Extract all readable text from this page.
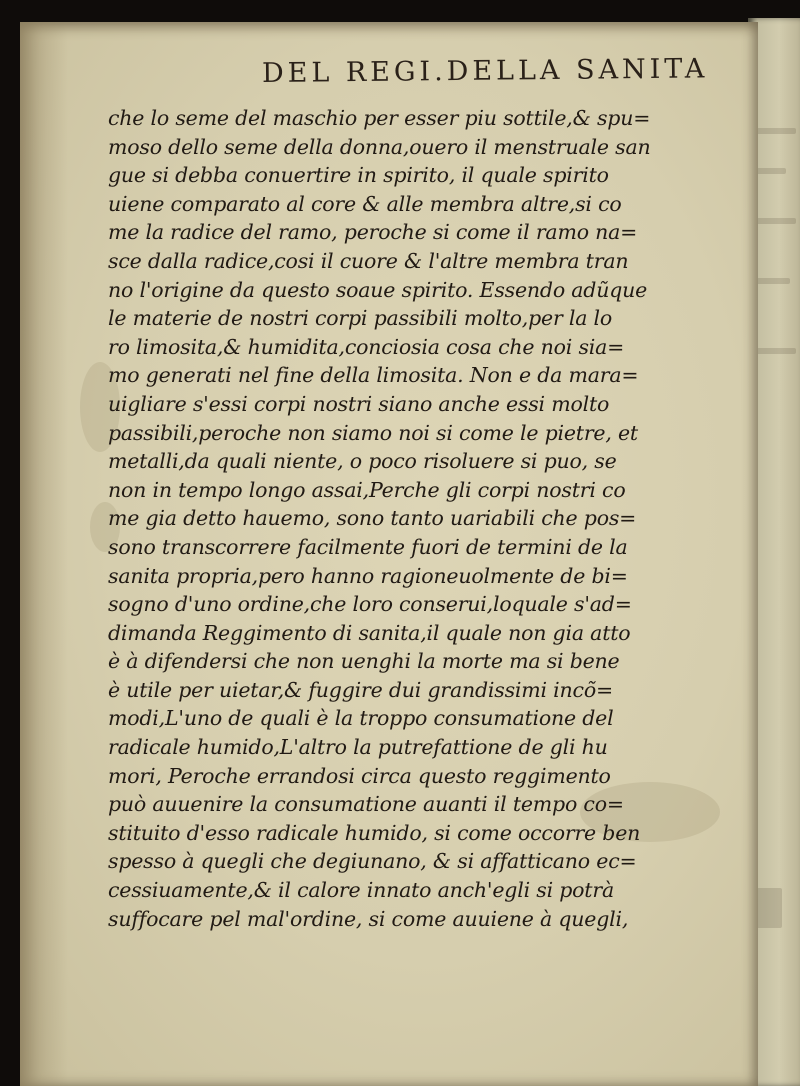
DEL REGI.DELLA SANITA
che lo seme del maschio per esser piu sottile,& spu=
moso dello seme della donna,ouero il menstruale san
gue si debba conuertire in spirito, il quale spirito
uiene comparato al core & alle membra altre,si co
me la radice del ramo, peroche si come il ramo na=
sce dalla radice,cosi il cuore & l'altre membra tran
no l'origine da questo soaue spirito. Essendo adũque
le materie de nostri corpi passibili molto,per la lo
ro limosita,& humidita,conciosia cosa che noi sia=
mo generati nel fine della limosita. Non e da mara=
uigliare s'essi corpi nostri siano anche essi molto
passibili,peroche non siamo noi si come le pietre, et
metalli,da quali niente, o poco risoluere si puo, se
non in tempo longo assai,Perche gli corpi nostri co
me gia detto hauemo, sono tanto uariabili che pos=
sono transcorrere facilmente fuori de termini de la
sanita propria,pero hanno ragioneuolmente de bi=
sogno d'uno ordine,che loro conserui,loquale s'ad=
dimanda Reggimento di sanita,il quale non gia atto
è à difendersi che non uenghi la morte ma si bene
è utile per uietar,& fuggire dui grandissimi incõ=
modi,L'uno de quali è la troppo consumatione del
radicale humido,L'altro la putrefattione de gli hu
mori, Peroche errandosi circa questo reggimento
può auuenire la consumatione auanti il tempo co=
stituito d'esso radicale humido, si come occorre ben
spesso à quegli che degiunano, & si affatticano ec=
cessiuamente,& il calore innato anch'egli si potrà
suffocare pel mal'ordine, si come auuiene à quegli,
